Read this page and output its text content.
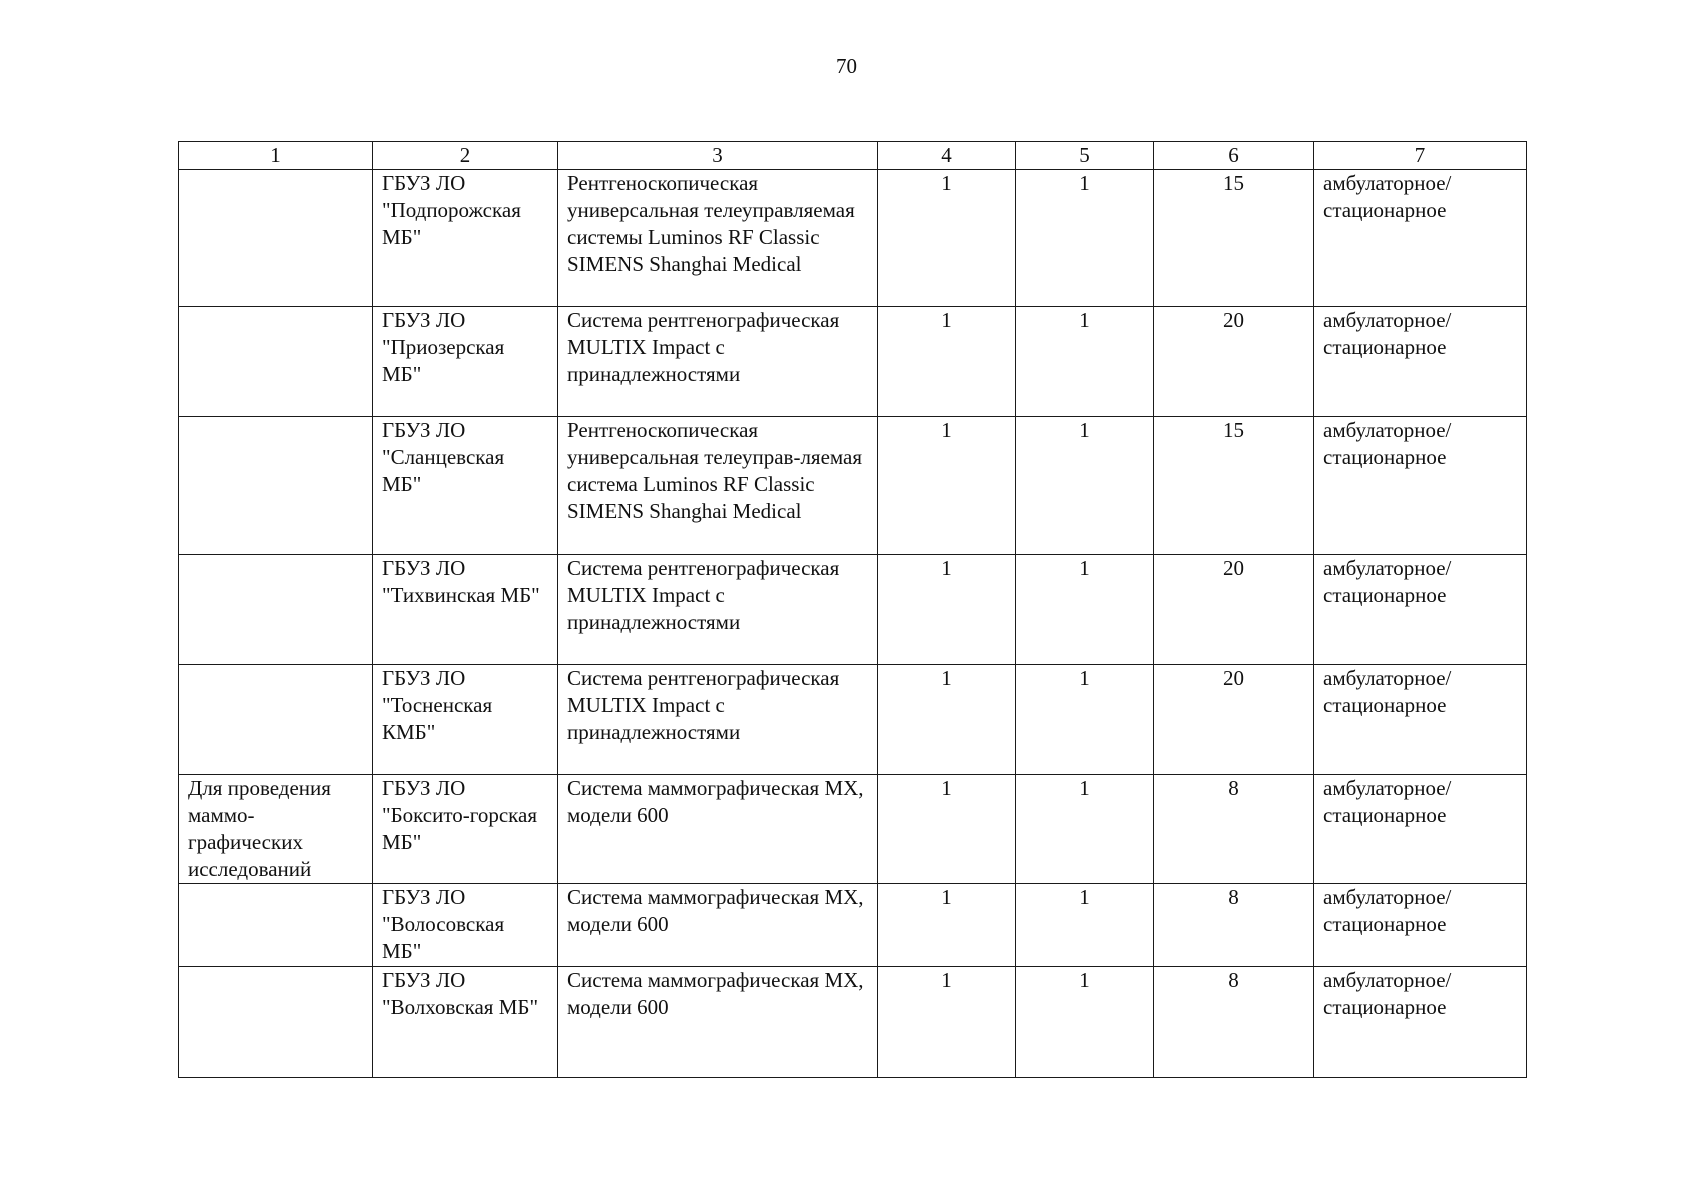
70
1	2	3	4	5	6	7
	ГБУЗ ЛО "Подпорожская МБ"	Рентгеноскопическая универсальная телеуправляемая системы Luminos RF Classic SIMENS Shanghai Medical	1	1	15	амбулаторное/ стационарное
	ГБУЗ ЛО "Приозерская МБ"	Система рентгенографическая MULTIX Impact с принадлежностями	1	1	20	амбулаторное/ стационарное
	ГБУЗ ЛО "Сланцевская МБ"	Рентгеноскопическая универсальная телеуправ-ляемая система Luminos RF Classic SIMENS Shanghai Medical	1	1	15	амбулаторное/ стационарное
	ГБУЗ ЛО "Тихвинская МБ"	Система рентгенографическая MULTIX Impact с принадлежностями	1	1	20	амбулаторное/ стационарное
	ГБУЗ ЛО "Тосненская КМБ"	Система рентгенографическая MULTIX Impact с принадлежностями	1	1	20	амбулаторное/ стационарное
Для проведения маммо-графических исследований	ГБУЗ ЛО "Боксито-горская МБ"	Система маммографическая MX, модели 600	1	1	8	амбулаторное/ стационарное
	ГБУЗ ЛО "Волосовская МБ"	Система маммографическая MX, модели 600	1	1	8	амбулаторное/ стационарное
	ГБУЗ ЛО "Волховская МБ"	Система маммографическая MX, модели 600	1	1	8	амбулаторное/ стационарное
